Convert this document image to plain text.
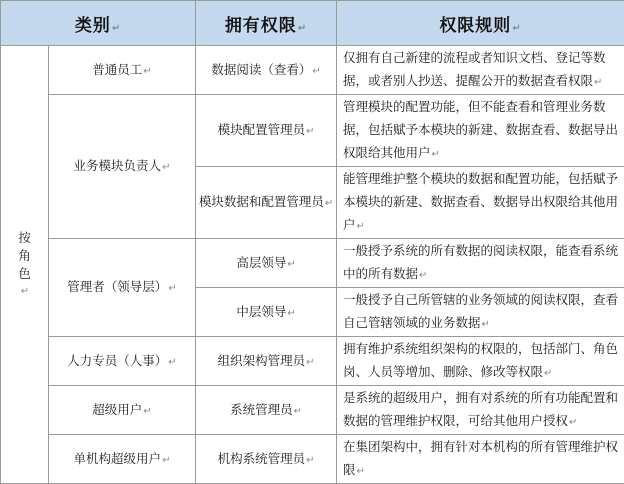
类别↵		拥有权限↵	权限规则↵

按
角
色
↵	普通员工↵	数据阅读（查看）↵	仅拥有自己新建的流程或者知识文档、登记等数据，或者别人抄送、提醒公开的数据查看权限↵
	业务模块负责人↵	模块配置管理员↵	管理模块的配置功能，但不能查看和管理业务数据，包括赋予本模块的新建、数据查看、数据导出权限给其他用户↵
		模块数据和配置管理员↵	能管理维护整个模块的数据和配置功能，包括赋予本模块的新建、数据查看、数据导出权限给其他用户↵
	管理者（领导层）↵	高层领导↵	一般授予系统的所有数据的阅读权限，能查看系统中的所有数据↵
		中层领导↵	一般授予自己所管辖的业务领域的阅读权限，查看自己管辖领域的业务数据↵
	人力专员（人事）↵	组织架构管理员↵	拥有维护系统组织架构的权限的，包括部门、角色岗、人员等增加、删除、修改等权限↵
	超级用户↵	系统管理员↵	是系统的超级用户，拥有对系统的所有功能配置和数据的管理维护权限，可给其他用户授权↵
	单机构超级用户↵	机构系统管理员↵	在集团架构中，拥有针对本机构的所有管理维护权限↵
